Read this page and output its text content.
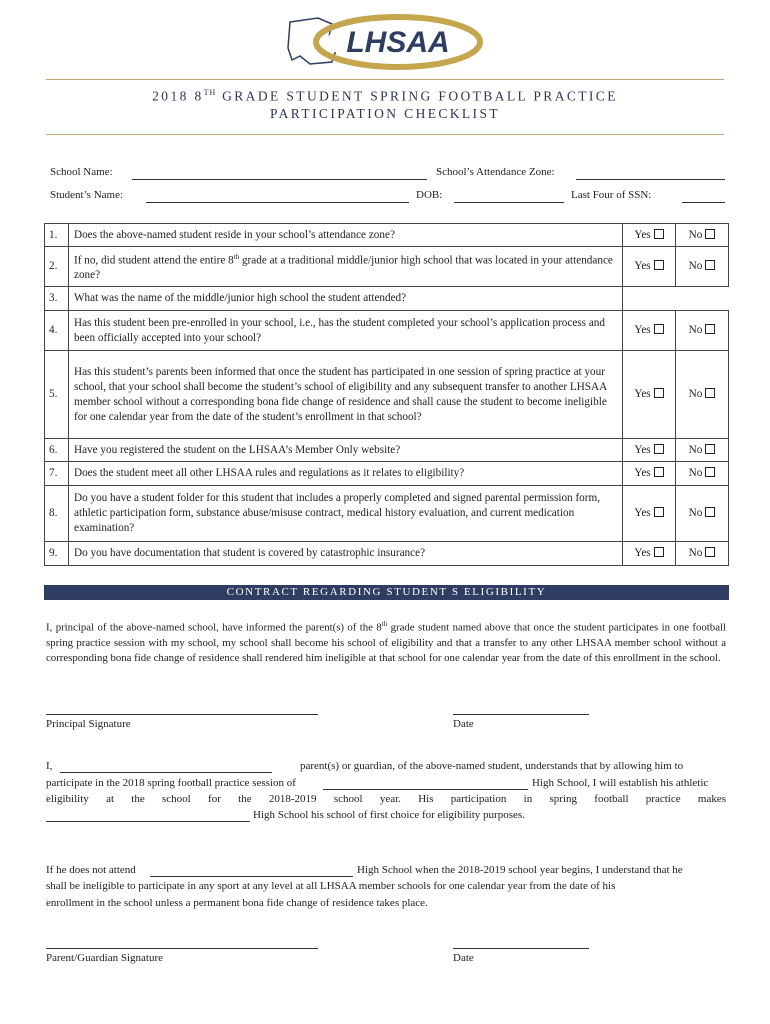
LHSAA
2018 8TH GRADE STUDENT SPRING FOOTBALL PRACTICE
PARTICIPATION CHECKLIST
School Name:	School’s Attendance Zone:
Student’s Name:	DOB:	Last Four of SSN:
1.	Does the above-named student reside in your school’s attendance zone?	Yes	No
2.	If no, did student attend the entire 8th grade at a traditional middle/junior high school that was located in your attendance zone?	Yes	No
3.	What was the name of the middle/junior high school the student attended?		
4.	Has this student been pre-enrolled in your school, i.e., has the student completed your school’s application process and been officially accepted into your school?	Yes	No
5.	Has this student’s parents been informed that once the student has participated in one session of spring practice at your school, that your school shall become the student’s school of eligibility and any subsequent transfer to another LHSAA member school without a corresponding bona fide change of residence and shall cause the student to become ineligible for one calendar year from the date of the student’s enrollment in that school?	Yes	No
6.	Have you registered the student on the LHSAA’s Member Only website?	Yes	No
7.	Does the student meet all other LHSAA rules and regulations as it relates to eligibility?	Yes	No
8.	Do you have a student folder for this student that includes a properly completed and signed parental permission form, athletic participation form, substance abuse/misuse contract, medical history evaluation, and current medication examination?	Yes	No
9.	Do you have documentation that student is covered by catastrophic insurance?	Yes	No
CONTRACT REGARDING STUDENT S ELIGIBILITY
I, principal of the above-named school, have informed the parent(s) of the 8th grade student named above that once the student participates in one football spring practice session with my school, my school shall become his school of eligibility and that a transfer to any other LHSAA member school without a corresponding bona fide change of residence shall rendered him ineligible at that school for one calendar year from the date of this enrollment in the school.
Principal Signature	Date
I,	parent(s) or guardian, of the above-named student, understands that by allowing him to
participate in the 2018 spring football practice session of	High School, I will establish his athletic
eligibility at the school for the 2018-2019 school year. His participation in spring football practice makes
High School his school of first choice for eligibility purposes.
If he does not attend	High School when the 2018-2019 school year begins, I understand that he
shall be ineligible to participate in any sport at any level at all LHSAA member schools for one calendar year from the date of his
enrollment in the school unless a permanent bona fide change of residence takes place.
Parent/Guardian Signature	Date
